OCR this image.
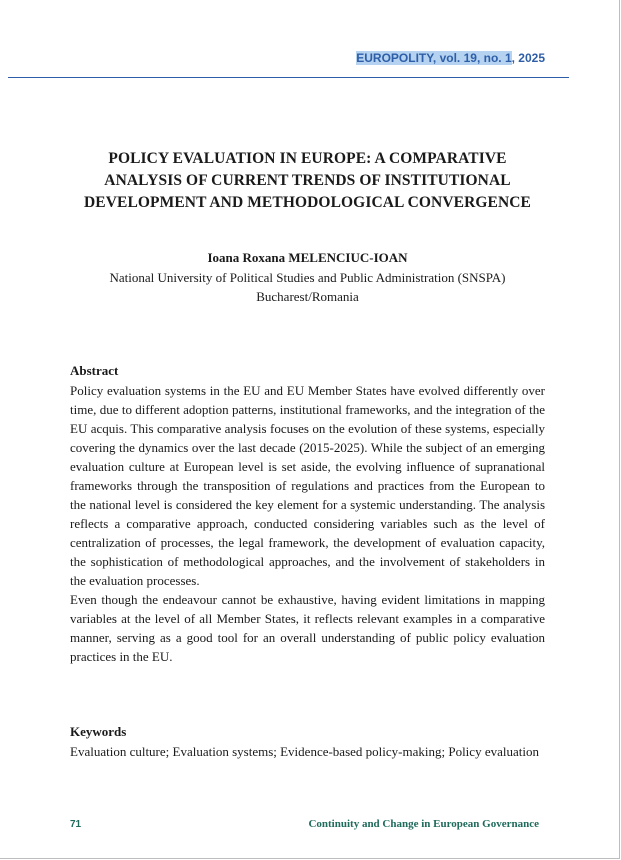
EUROPOLITY, vol. 19, no. 1, 2025
POLICY EVALUATION IN EUROPE: A COMPARATIVE
ANALYSIS OF CURRENT TRENDS OF INSTITUTIONAL
DEVELOPMENT AND METHODOLOGICAL CONVERGENCE
Ioana Roxana MELENCIUC-IOAN
National University of Political Studies and Public Administration (SNSPA)
Bucharest/Romania
Abstract

Policy evaluation systems in the EU and EU Member States have evolved differently over time, due to different adoption patterns, institutional frameworks, and the integration of the EU acquis. This comparative analysis focuses on the evolution of these systems, especially covering the dynamics over the last decade (2015-2025). While the subject of an emerging evaluation culture at European level is set aside, the evolving influence of supranational frameworks through the transposition of regulations and practices from the European to the national level is considered the key element for a systemic understanding. The analysis reflects a comparative approach, conducted considering variables such as the level of centralization of processes, the legal framework, the development of evaluation capacity, the sophistication of methodological approaches, and the involvement of stakeholders in the evaluation processes.

Even though the endeavour cannot be exhaustive, having evident limitations in mapping variables at the level of all Member States, it reflects relevant examples in a comparative manner, serving as a good tool for an overall understanding of public policy evaluation practices in the EU.

Keywords

Evaluation culture; Evaluation systems; Evidence-based policy-making; Policy evaluation

71	Continuity and Change in European Governance
